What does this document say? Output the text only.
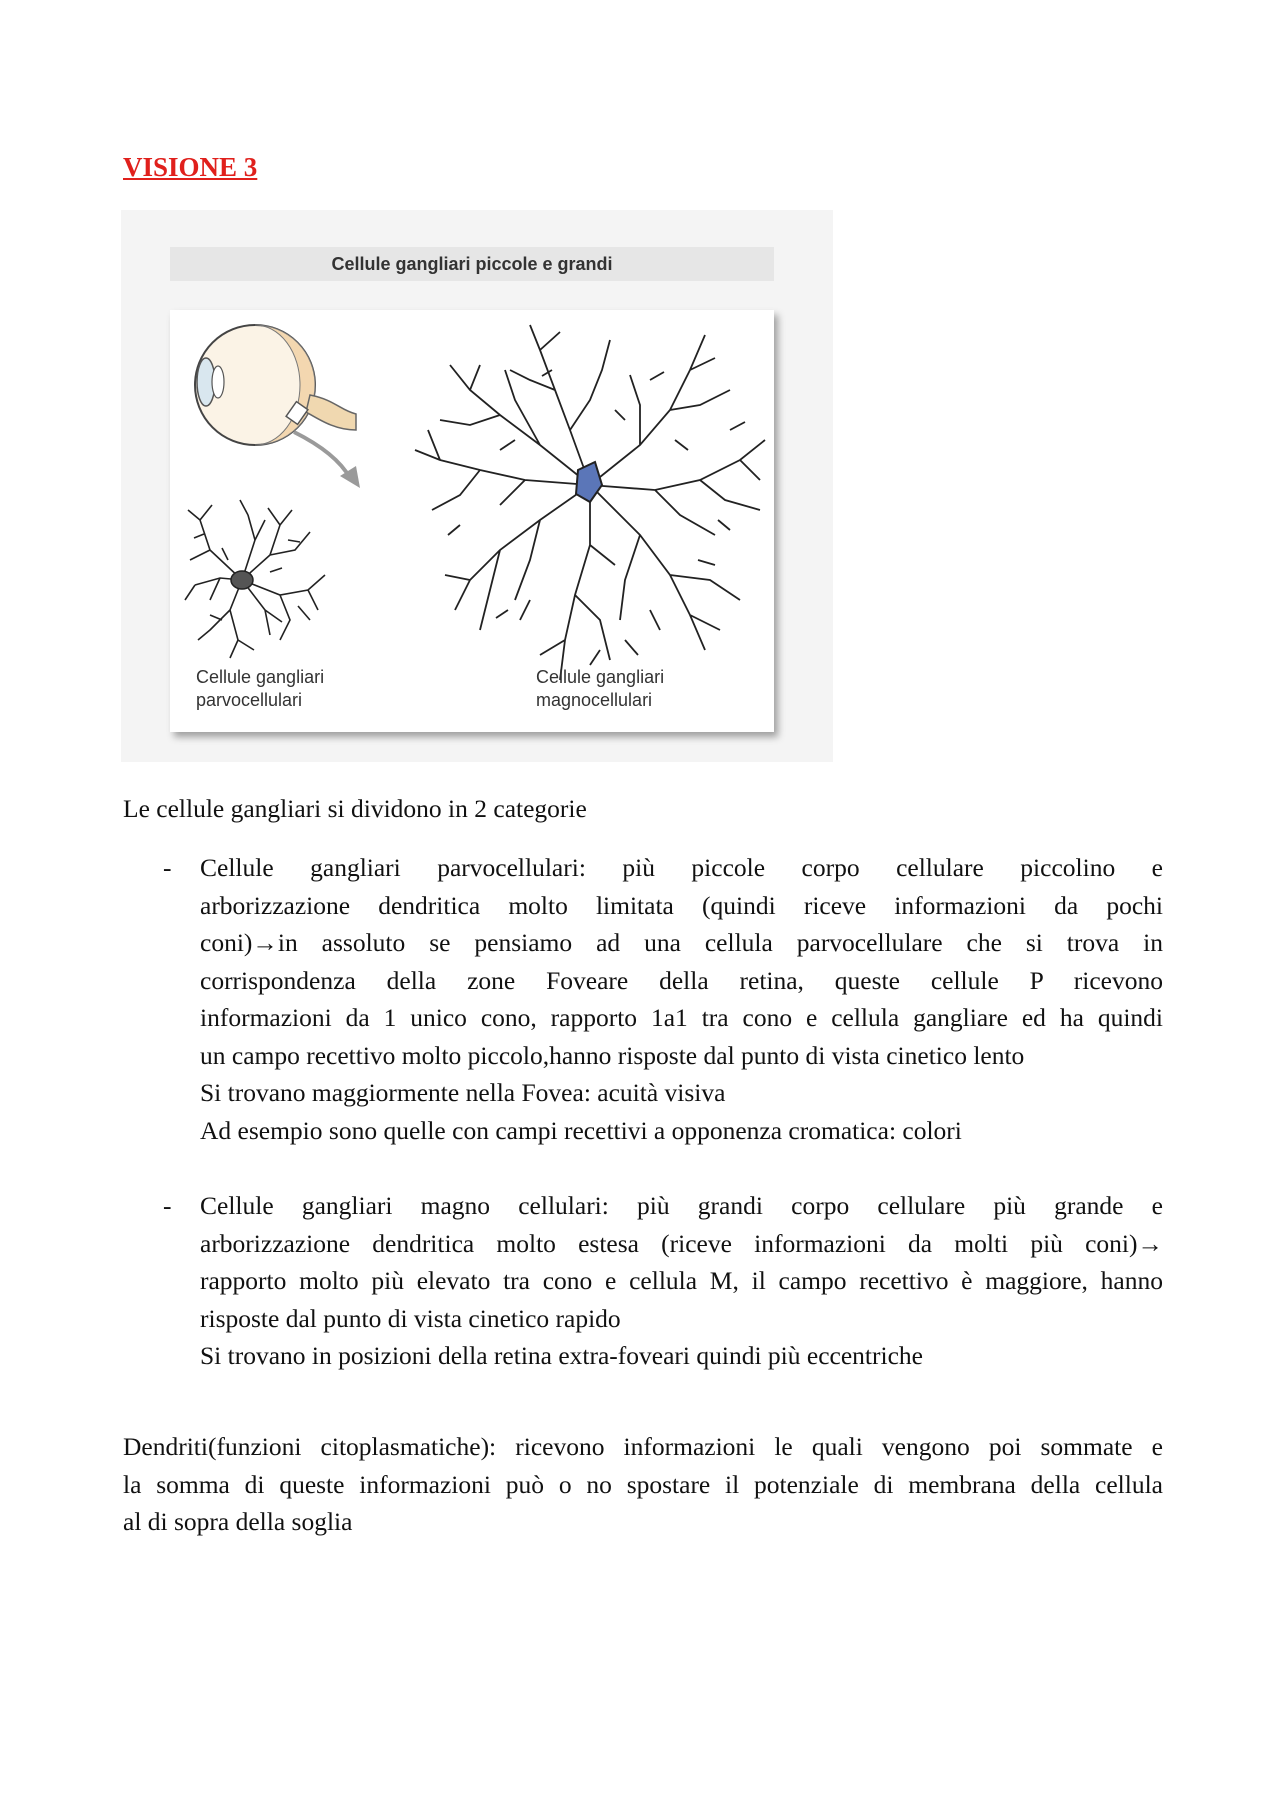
VISIONE 3
Cellule gangliari piccole e grandi
Cellule gangliari
parvocellulari
Cellule gangliari
magnocellulari
Le cellule gangliari si dividono in 2 categorie
- Cellule gangliari parvocellulari: più piccole corpo cellulare piccolino e
arborizzazione dendritica molto limitata (quindi riceve informazioni da pochi
coni)→in assoluto se pensiamo ad una cellula parvocellulare che si trova in
corrispondenza della zone Foveare della retina, queste cellule P ricevono
informazioni da 1 unico cono, rapporto 1a1 tra cono e cellula gangliare ed ha quindi
un campo recettivo molto piccolo,hanno risposte dal punto di vista cinetico lento
Si trovano maggiormente nella Fovea: acuità visiva
Ad esempio sono quelle con campi recettivi a opponenza cromatica: colori
- Cellule gangliari magno cellulari: più grandi corpo cellulare più grande e
arborizzazione dendritica molto estesa (riceve informazioni da molti più coni)→
rapporto molto più elevato tra cono e cellula M, il campo recettivo è maggiore, hanno
risposte dal punto di vista cinetico rapido
Si trovano in posizioni della retina extra-foveari quindi più eccentriche
Dendriti(funzioni citoplasmatiche): ricevono informazioni le quali vengono poi sommate e
la somma di queste informazioni può o no spostare il potenziale di membrana della cellula
al di sopra della soglia
